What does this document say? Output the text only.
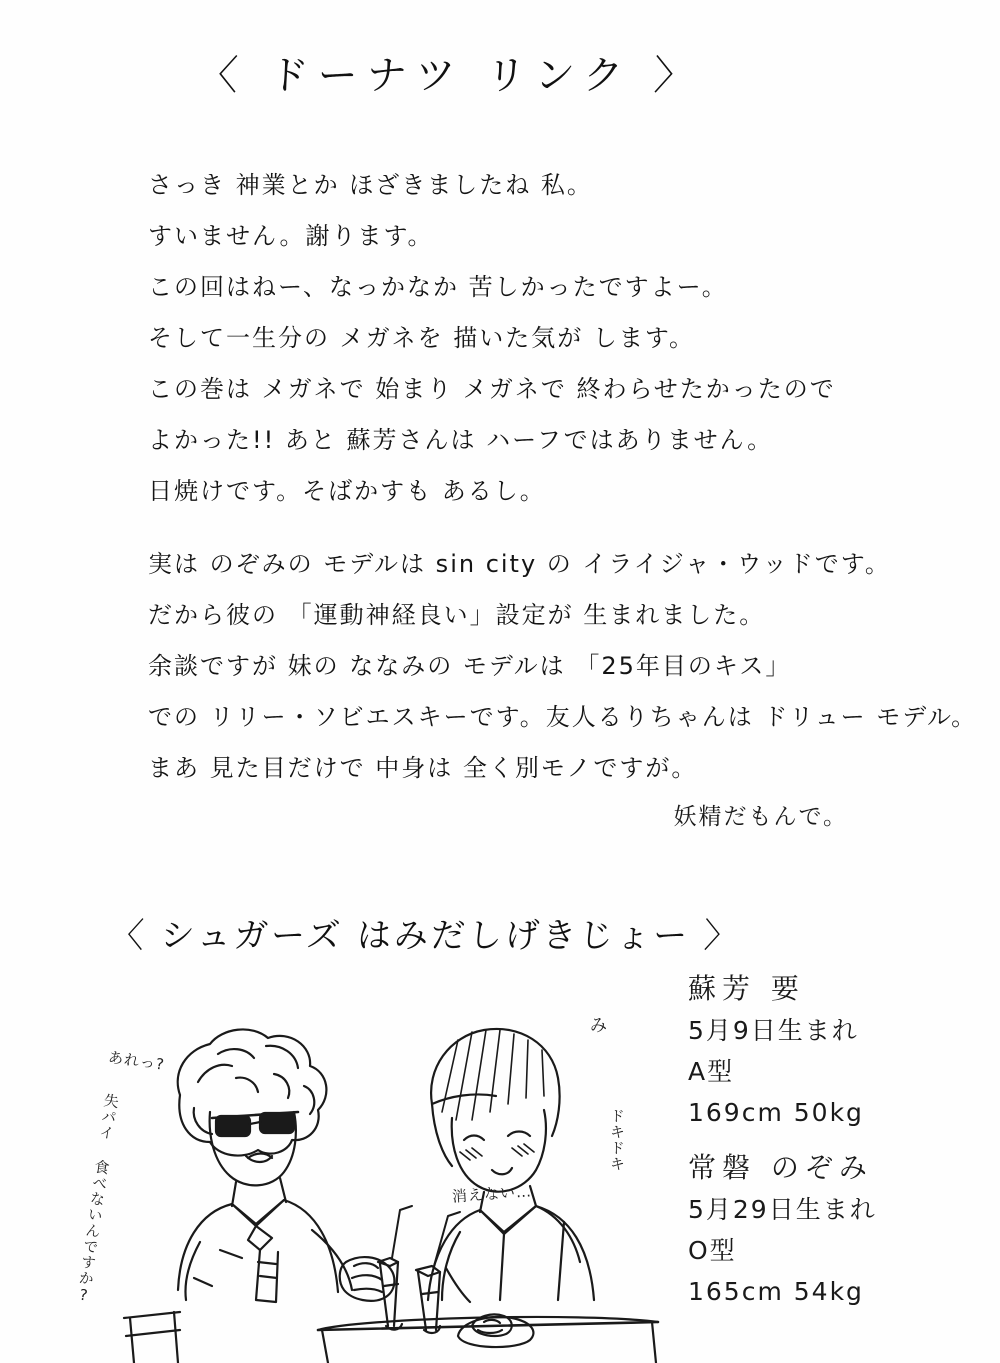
〈 ドーナツ リンク 〉
さっき 神業とか ほざきましたね 私。
すいません。謝ります。
この回はねー、なっかなか 苦しかったですよー。
そして一生分の メガネを 描いた気が します。
この巻は メガネで 始まり メガネで 終わらせたかったので
よかった!! あと 蘇芳さんは ハーフではありません。
日焼けです。そばかすも あるし。
実は のぞみの モデルは sin city の イライジャ・ウッドです。
だから彼の 「運動神経良い」設定が 生まれました。
余談ですが 妹の ななみの モデルは 「25年目のキス」
での リリー・ソビエスキーです。友人るりちゃんは ドリュー モデル。
まあ 見た目だけで 中身は 全く別モノですが。
妖精だもんで。
〈 シュガーズ はみだしげきじょー 〉
蘇芳 要
5月9日生まれ
A型
169cm 50kg
常磐 のぞみ
5月29日生まれ
O型
165cm 54kg
あれっ?
失パイ 食べないんですか?	ドキドキ
み
消えない…
